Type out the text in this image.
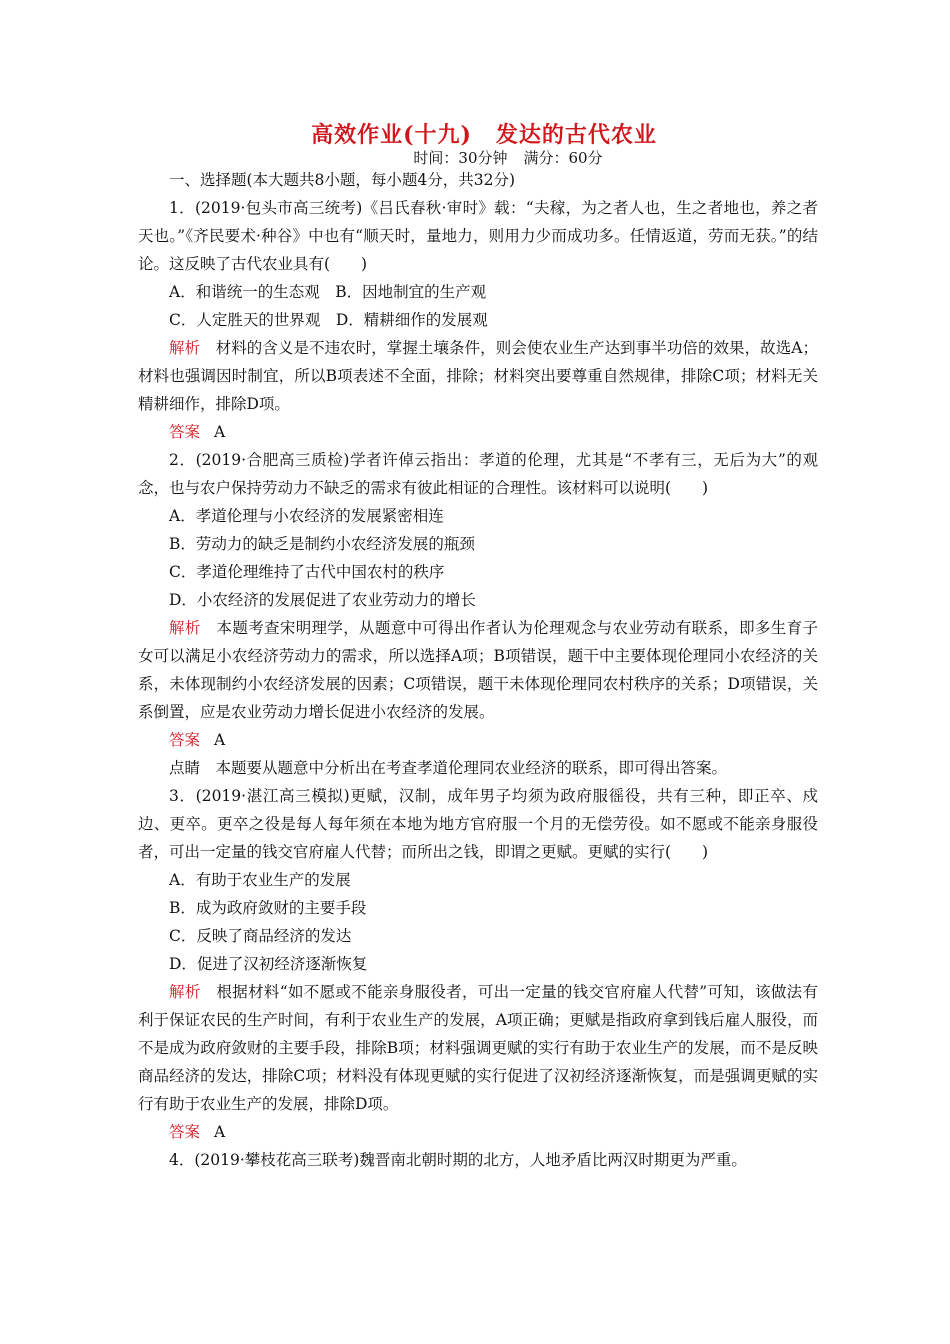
高效作业(十九) 发达的古代农业
时间：30分钟 满分：60分
一、选择题(本大题共8小题，每小题4分，共32分)
1．(2019·包头市高三统考)《吕氏春秋·审时》载：“夫稼，为之者人也，生之者地也，养之者天也。”《齐民要术·种谷》中也有“顺天时，量地力，则用力少而成功多。任情返道，劳而无获。”的结论。这反映了古代农业具有(　　)
A．和谐统一的生态观　B．因地制宜的生产观
C．人定胜天的世界观　D．精耕细作的发展观
解析　 材料的含义是不违农时，掌握土壤条件，则会使农业生产达到事半功倍的效果，故选A；材料也强调因时制宜，所以B项表述不全面，排除；材料突出要尊重自然规律，排除C项；材料无关精耕细作，排除D项。
答案 A
2．(2019·合肥高三质检)学者许倬云指出：孝道的伦理，尤其是“不孝有三，无后为大”的观念，也与农户保持劳动力不缺乏的需求有彼此相证的合理性。该材料可以说明(　　)
A．孝道伦理与小农经济的发展紧密相连
B．劳动力的缺乏是制约小农经济发展的瓶颈
C．孝道伦理维持了古代中国农村的秩序
D．小农经济的发展促进了农业劳动力的增长
解析　 本题考查宋明理学，从题意中可得出作者认为伦理观念与农业劳动有联系，即多生育子女可以满足小农经济劳动力的需求，所以选择A项；B项错误，题干中主要体现伦理同小农经济的关系，未体现制约小农经济发展的因素；C项错误，题干未体现伦理同农村秩序的关系；D项错误，关系倒置，应是农业劳动力增长促进小农经济的发展。
答案 A
点睛　 本题要从题意中分析出在考查孝道伦理同农业经济的联系，即可得出答案。
3．(2019·湛江高三模拟)更赋，汉制，成年男子均须为政府服徭役，共有三种，即正卒、戍边、更卒。更卒之役是每人每年须在本地为地方官府服一个月的无偿劳役。如不愿或不能亲身服役者，可出一定量的钱交官府雇人代替；而所出之钱，即谓之更赋。更赋的实行(　　)
A．有助于农业生产的发展
B．成为政府敛财的主要手段
C．反映了商品经济的发达
D．促进了汉初经济逐渐恢复
解析　 根据材料“如不愿或不能亲身服役者，可出一定量的钱交官府雇人代替”可知，该做法有利于保证农民的生产时间，有利于农业生产的发展，A项正确；更赋是指政府拿到钱后雇人服役，而不是成为政府敛财的主要手段，排除B项；材料强调更赋的实行有助于农业生产的发展，而不是反映商品经济的发达，排除C项；材料没有体现更赋的实行促进了汉初经济逐渐恢复，而是强调更赋的实行有助于农业生产的发展，排除D项。
答案 A
4．(2019·攀枝花高三联考)魏晋南北朝时期的北方，人地矛盾比两汉时期更为严重。
